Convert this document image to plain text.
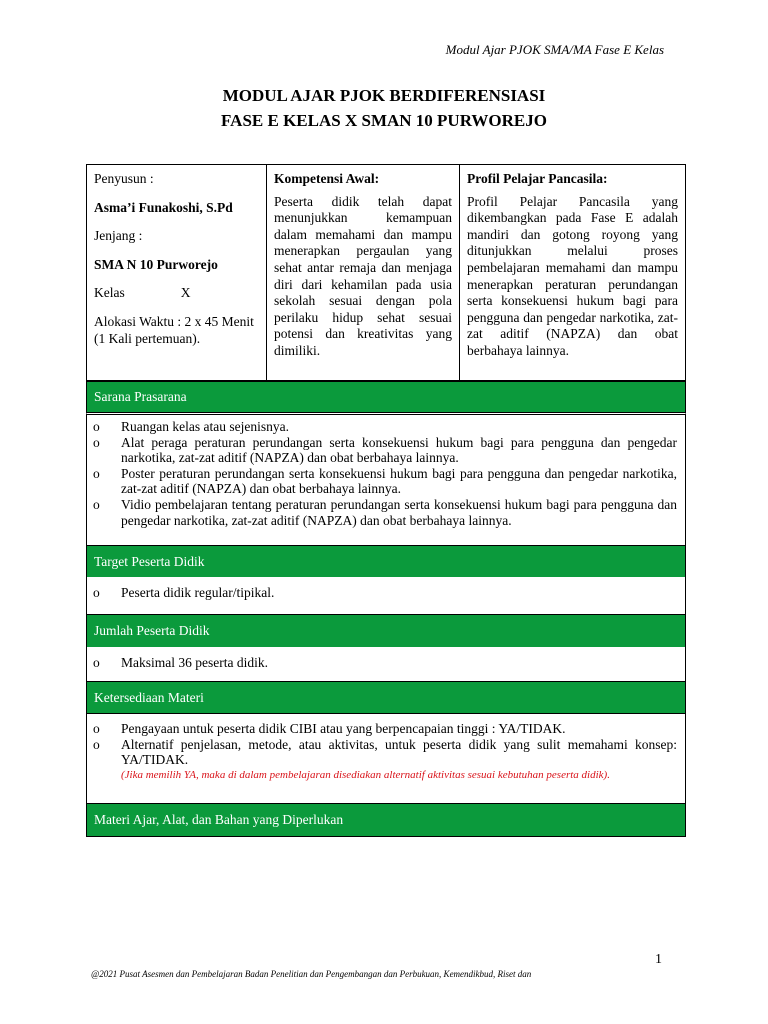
Modul Ajar PJOK SMA/MA Fase E Kelas
MODUL AJAR PJOK BERDIFERENSIASI
FASE E KELAS X SMAN 10 PURWOREJO
Penyusun :
Asma’i Funakoshi, S.Pd
Jenjang :
SMA N 10 Purworejo
Kelas	X
Alokasi Waktu : 2 x 45 Menit (1 Kali pertemuan).
Kompetensi Awal:
Peserta didik telah dapat menunjukkan kemampuan dalam memahami dan mampu menerapkan pergaulan yang sehat antar remaja dan menjaga diri dari kehamilan pada usia sekolah sesuai dengan pola perilaku hidup sehat sesuai potensi dan kreativitas yang dimiliki.
Profil Pelajar Pancasila:
Profil Pelajar Pancasila yang dikembangkan pada Fase E adalah mandiri dan gotong royong yang ditunjukkan melalui proses pembelajaran memahami dan mampu menerapkan peraturan perundangan serta konsekuensi hukum bagi para pengguna dan pengedar narkotika, zat-zat aditif (NAPZA) dan obat berbahaya lainnya.
Sarana Prasarana
o Ruangan kelas atau sejenisnya.
o Alat peraga peraturan perundangan serta konsekuensi hukum bagi para pengguna dan pengedar narkotika, zat-zat aditif (NAPZA) dan obat berbahaya lainnya.
o Poster peraturan perundangan serta konsekuensi hukum bagi para pengguna dan pengedar narkotika, zat-zat aditif (NAPZA) dan obat berbahaya lainnya.
o Vidio pembelajaran tentang peraturan perundangan serta konsekuensi hukum bagi para pengguna dan pengedar narkotika, zat-zat aditif (NAPZA) dan obat berbahaya lainnya.
Target Peserta Didik
o Peserta didik regular/tipikal.
Jumlah Peserta Didik
o Maksimal 36 peserta didik.
Ketersediaan Materi
o Pengayaan untuk peserta didik CIBI atau yang berpencapaian tinggi : YA/TIDAK.
o Alternatif penjelasan, metode, atau aktivitas, untuk peserta didik yang sulit memahami konsep: YA/TIDAK.
(Jika memilih YA, maka di dalam pembelajaran disediakan alternatif aktivitas sesuai kebutuhan peserta didik).
Materi Ajar, Alat, dan Bahan yang Diperlukan
1
@2021 Pusat Asesmen dan Pembelajaran Badan Penelitian dan Pengembangan dan Perbukuan, Kemendikbud, Riset dan
